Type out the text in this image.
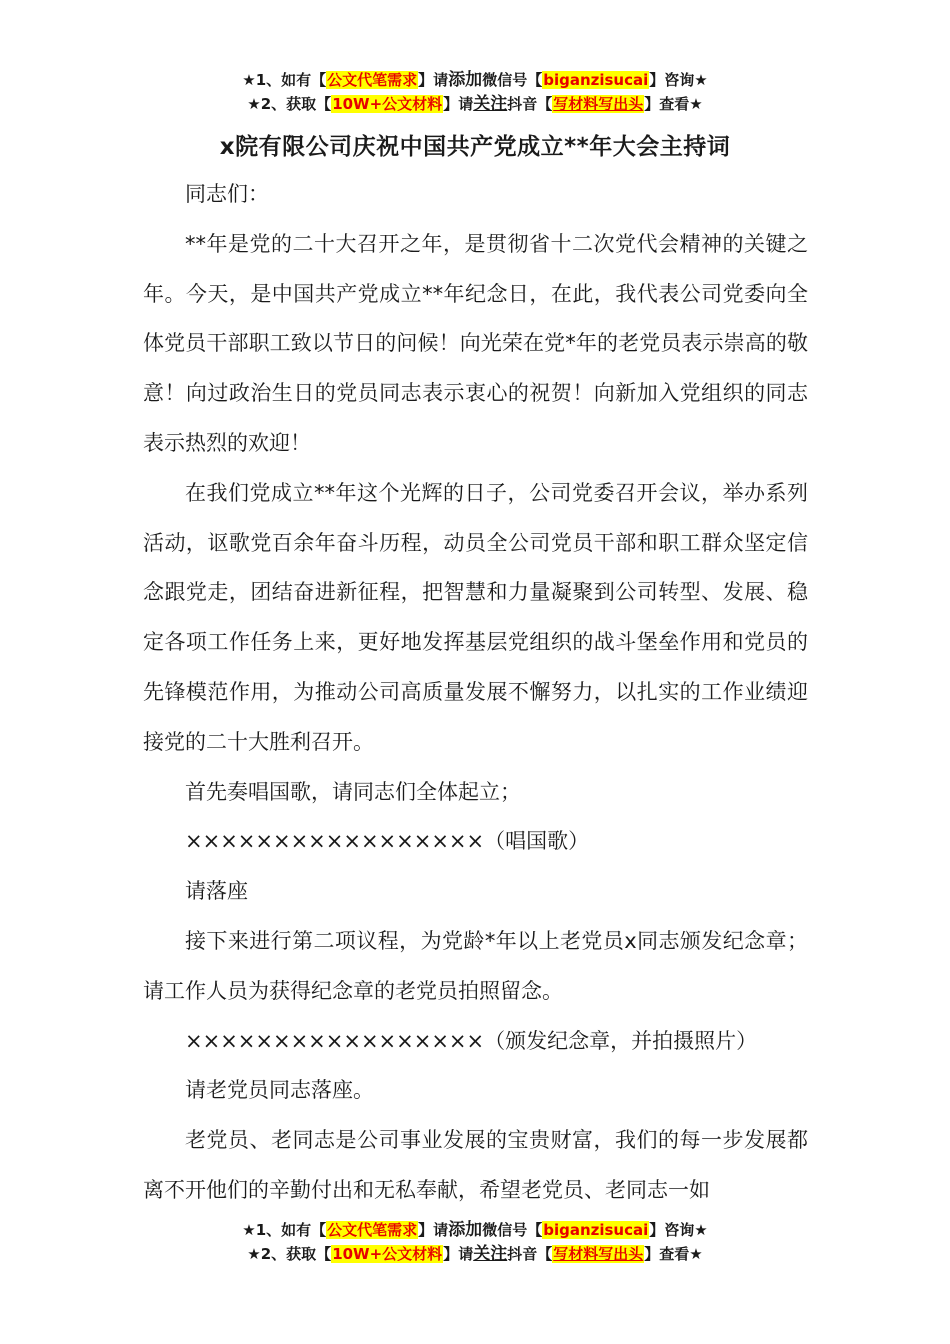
★1、如有【公文代笔需求】请添加微信号【biganzisucai】咨询★
★2、获取【10W+公文材料】请关注抖音【写材料写出头】查看★
x院有限公司庆祝中国共产党成立**年大会主持词

同志们：

**年是党的二十大召开之年，是贯彻省十二次党代会精神的关键之年。今天，是中国共产党成立**年纪念日，在此，我代表公司党委向全体党员干部职工致以节日的问候！向光荣在党*年的老党员表示崇高的敬意！向过政治生日的党员同志表示衷心的祝贺！向新加入党组织的同志表示热烈的欢迎！

在我们党成立**年这个光辉的日子，公司党委召开会议，举办系列活动，讴歌党百余年奋斗历程，动员全公司党员干部和职工群众坚定信念跟党走，团结奋进新征程，把智慧和力量凝聚到公司转型、发展、稳定各项工作任务上来，更好地发挥基层党组织的战斗堡垒作用和党员的先锋模范作用，为推动公司高质量发展不懈努力，以扎实的工作业绩迎接党的二十大胜利召开。

首先奏唱国歌，请同志们全体起立；

×××××××××××××××××（唱国歌）

请落座

接下来进行第二项议程，为党龄*年以上老党员x同志颁发纪念章；请工作人员为获得纪念章的老党员拍照留念。

×××××××××××××××××（颁发纪念章，并拍摄照片）

请老党员同志落座。

老党员、老同志是公司事业发展的宝贵财富，我们的每一步发展都离不开他们的辛勤付出和无私奉献，希望老党员、老同志一如

★1、如有【公文代笔需求】请添加微信号【biganzisucai】咨询★
★2、获取【10W+公文材料】请关注抖音【写材料写出头】查看★
